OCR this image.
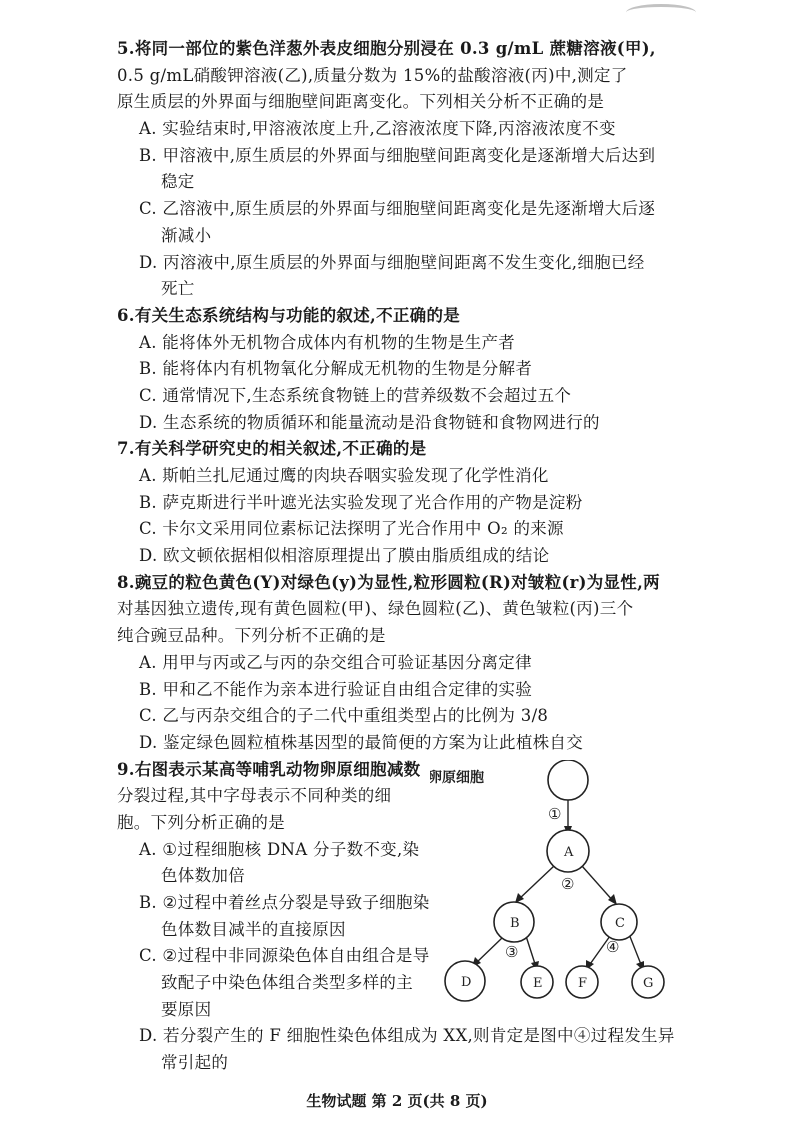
5.将同一部位的紫色洋葱外表皮细胞分别浸在 0.3 g/mL 蔗糖溶液(甲),
0.5 g/mL硝酸钾溶液(乙),质量分数为 15%的盐酸溶液(丙)中,测定了
原生质层的外界面与细胞壁间距离变化。下列相关分析不正确的是
A. 实验结束时,甲溶液浓度上升,乙溶液浓度下降,丙溶液浓度不变
B. 甲溶液中,原生质层的外界面与细胞壁间距离变化是逐渐增大后达到
稳定
C. 乙溶液中,原生质层的外界面与细胞壁间距离变化是先逐渐增大后逐
渐减小
D. 丙溶液中,原生质层的外界面与细胞壁间距离不发生变化,细胞已经
死亡
6.有关生态系统结构与功能的叙述,不正确的是
A. 能将体外无机物合成体内有机物的生物是生产者
B. 能将体内有机物氧化分解成无机物的生物是分解者
C. 通常情况下,生态系统食物链上的营养级数不会超过五个
D. 生态系统的物质循环和能量流动是沿食物链和食物网进行的
7.有关科学研究史的相关叙述,不正确的是
A. 斯帕兰扎尼通过鹰的肉块吞咽实验发现了化学性消化
B. 萨克斯进行半叶遮光法实验发现了光合作用的产物是淀粉
C. 卡尔文采用同位素标记法探明了光合作用中 O₂ 的来源
D. 欧文顿依据相似相溶原理提出了膜由脂质组成的结论
8.豌豆的粒色黄色(Y)对绿色(y)为显性,粒形圆粒(R)对皱粒(r)为显性,两
对基因独立遗传,现有黄色圆粒(甲)、绿色圆粒(乙)、黄色皱粒(丙)三个
纯合豌豆品种。下列分析不正确的是
A. 用甲与丙或乙与丙的杂交组合可验证基因分离定律
B. 甲和乙不能作为亲本进行验证自由组合定律的实验
C. 乙与丙杂交组合的子二代中重组类型占的比例为 3/8
D. 鉴定绿色圆粒植株基因型的最简便的方案为让此植株自交
9.右图表示某高等哺乳动物卵原细胞减数
分裂过程,其中字母表示不同种类的细
胞。下列分析正确的是
A. ①过程细胞核 DNA 分子数不变,染
色体数加倍
B. ②过程中着丝点分裂是导致子细胞染
色体数目减半的直接原因
C. ②过程中非同源染色体自由组合是导
致配子中染色体组合类型多样的主
要原因
D. 若分裂产生的 F 细胞性染色体组成为 XX,则肯定是图中④过程发生异
常引起的
卵原细胞
A
B	C
D	E	F	G
①
②
③	④
生物试题 第 2 页(共 8 页)
